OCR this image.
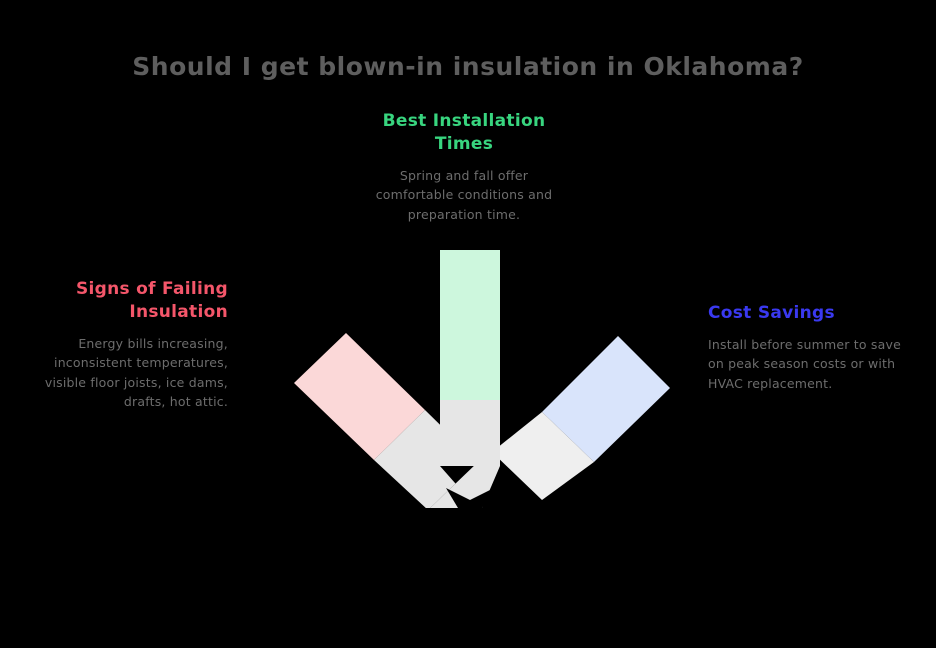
Should I get blown-in insulation in Oklahoma?
Best Installation Times
Spring and fall offer comfortable conditions and preparation time.
Signs of Failing Insulation
Energy bills increasing, inconsistent temperatures, visible floor joists, ice dams, drafts, hot attic.
Cost Savings
Install before summer to save on peak season costs or with HVAC replacement.
